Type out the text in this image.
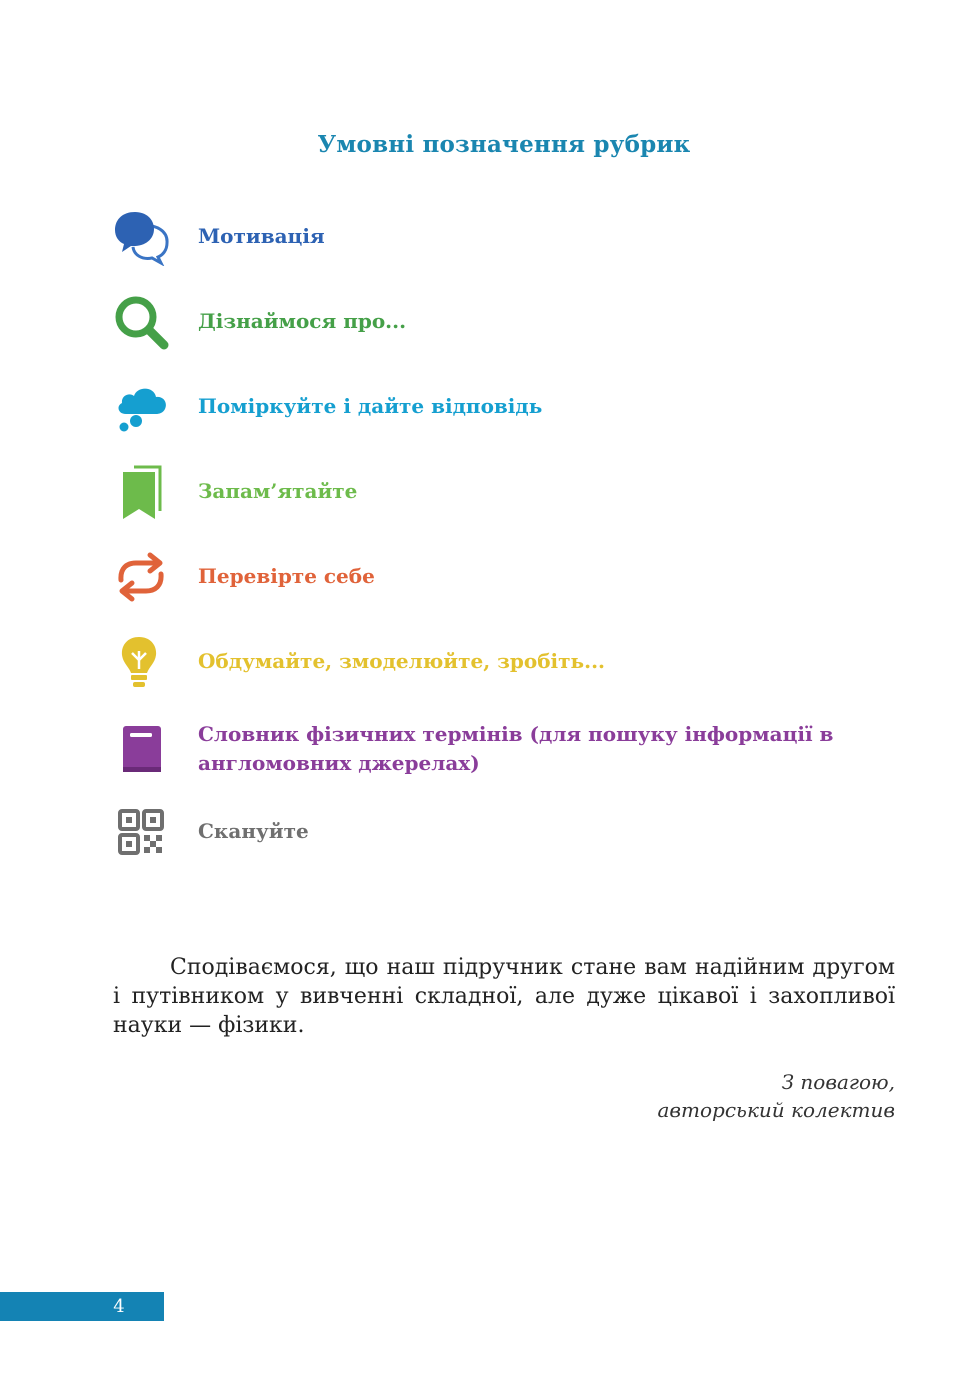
Умовні позначення рубрик
Мотивація
Дізнаймося про...
Поміркуйте і дайте відповідь
Запам’ятайте
Перевірте себе
Обдумайте, змоделюйте, зробіть...
Словник фізичних термінів (для пошуку інформації в англомовних джерелах)
Скануйте
Сподіваємося, що наш підручник стане вам надійним другом і путівником у вивченні складної, але дуже цікавої і захопливої науки — фізики.
З повагою,
авторський колектив
4
